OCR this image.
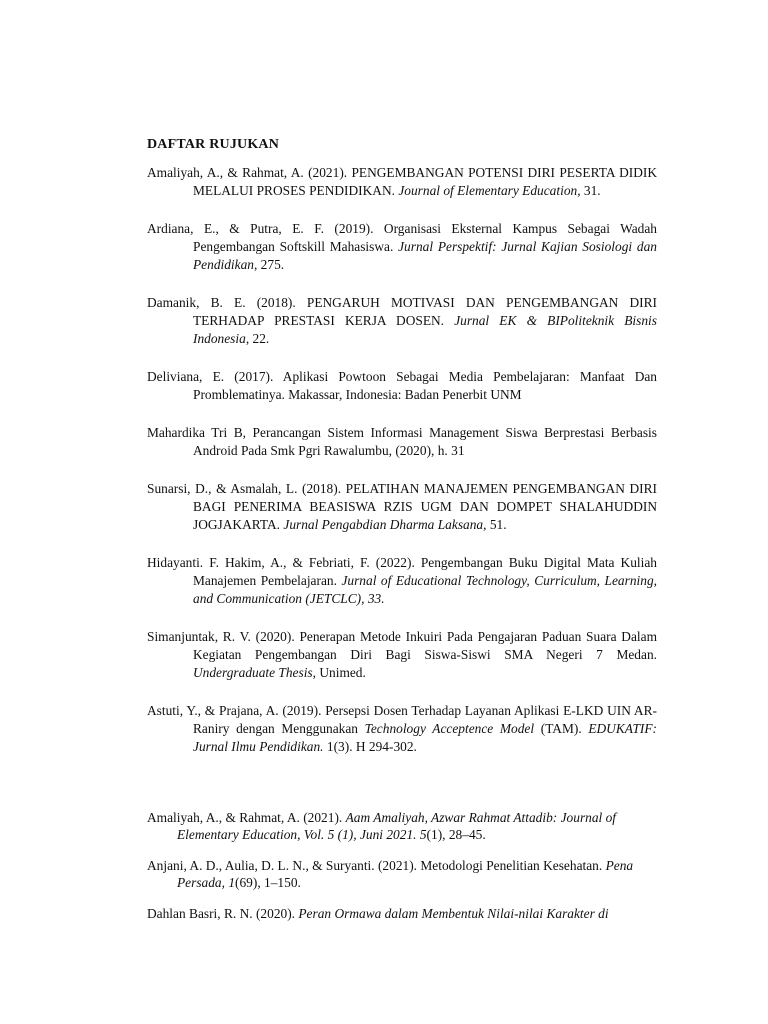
DAFTAR RUJUKAN

Amaliyah, A., & Rahmat, A. (2021). PENGEMBANGAN POTENSI DIRI PESERTA DIDIK MELALUI PROSES PENDIDIKAN. Journal of Elementary Education, 31.

Ardiana, E., & Putra, E. F. (2019). Organisasi Eksternal Kampus Sebagai Wadah Pengembangan Softskill Mahasiswa. Jurnal Perspektif: Jurnal Kajian Sosiologi dan Pendidikan, 275.

Damanik, B. E. (2018). PENGARUH MOTIVASI DAN PENGEMBANGAN DIRI TERHADAP PRESTASI KERJA DOSEN. Jurnal EK & BIPoliteknik Bisnis Indonesia, 22.

Deliviana, E. (2017). Aplikasi Powtoon Sebagai Media Pembelajaran: Manfaat Dan Promblematinya. Makassar, Indonesia: Badan Penerbit UNM

Mahardika Tri B, Perancangan Sistem Informasi Management Siswa Berprestasi Berbasis Android Pada Smk Pgri Rawalumbu, (2020), h. 31

Sunarsi, D., & Asmalah, L. (2018). PELATIHAN MANAJEMEN PENGEMBANGAN DIRI BAGI PENERIMA BEASISWA RZIS UGM DAN DOMPET SHALAHUDDIN JOGJAKARTA. Jurnal Pengabdian Dharma Laksana, 51.

Hidayanti. F. Hakim, A., & Febriati, F. (2022). Pengembangan Buku Digital Mata Kuliah Manajemen Pembelajaran. Jurnal of Educational Technology, Curriculum, Learning, and Communication (JETCLC), 33.

Simanjuntak, R. V. (2020). Penerapan Metode Inkuiri Pada Pengajaran Paduan Suara Dalam Kegiatan Pengembangan Diri Bagi Siswa-Siswi SMA Negeri 7 Medan. Undergraduate Thesis, Unimed.

Astuti, Y., & Prajana, A. (2019). Persepsi Dosen Terhadap Layanan Aplikasi E-LKD UIN AR-Raniry dengan Menggunakan Technology Acceptence Model (TAM). EDUKATIF: Jurnal Ilmu Pendidikan. 1(3). H 294-302.

Amaliyah, A., & Rahmat, A. (2021). Aam Amaliyah, Azwar Rahmat Attadib: Journal of Elementary Education, Vol. 5 (1), Juni 2021. 5(1), 28–45.

Anjani, A. D., Aulia, D. L. N., & Suryanti. (2021). Metodologi Penelitian Kesehatan. Pena Persada, 1(69), 1–150.

Dahlan Basri, R. N. (2020). Peran Ormawa dalam Membentuk Nilai-nilai Karakter di
